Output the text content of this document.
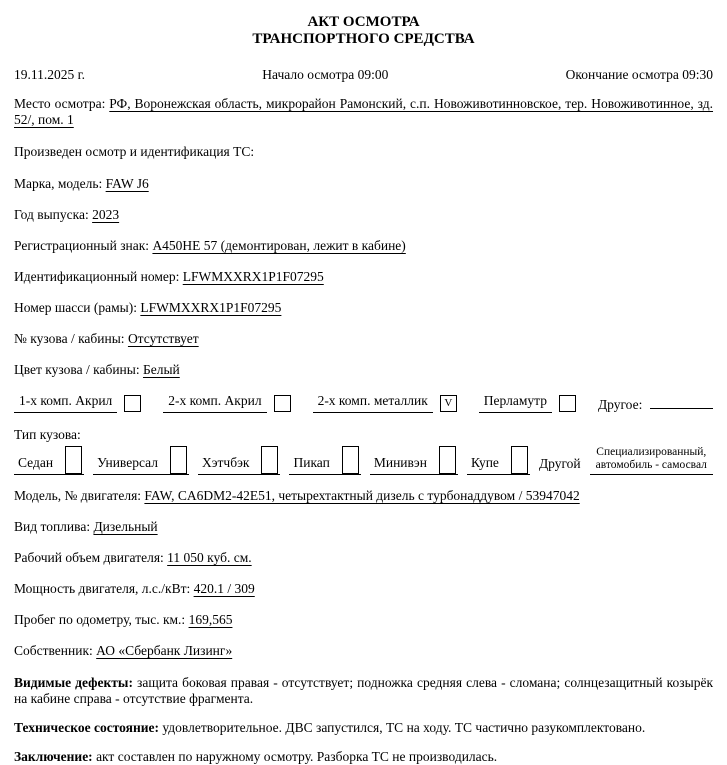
АКТ ОСМОТРА
ТРАНСПОРТНОГО СРЕДСТВА
19.11.2025 г.	Начало осмотра 09:00	Окончание осмотра 09:30

Место осмотра: РФ, Воронежская область, микрорайон Рамонский, с.п. Новоживотинновское, тер. Новоживотинное, зд. 52/, пом. 1

Произведен осмотр и идентификация ТС:

Марка, модель: FAW J6

Год выпуска: 2023

Регистрационный знак: А450НЕ 57 (демонтирован, лежит в кабине)

Идентификационный номер: LFWMXXRX1P1F07295

Номер шасси (рамы): LFWMXXRX1P1F07295

№ кузова / кабины: Отсутствует

Цвет кузова / кабины: Белый

1-х комп. Акрил	2-х комп. Акрил	2-х комп. металлик	V	Перламутр	Другое:

Тип кузова:

Седан	Универсал	Хэтчбэк	Пикап	Минивэн	Купе	Другой
Специализированный,
автомобиль - самосвал

Модель, № двигателя: FAW, CA6DM2-42E51, четырехтактный дизель с турбонаддувом / 53947042

Вид топлива: Дизельный

Рабочий объем двигателя: 11 050 куб. см.

Мощность двигателя, л.с./кВт: 420.1 / 309

Пробег по одометру, тыс. км.: 169,565

Собственник: АО «Сбербанк Лизинг»

Видимые дефекты: защита боковая правая - отсутствует; подножка средняя слева - сломана; солнцезащитный козырёк на кабине справа - отсутствие фрагмента.

Техническое состояние: удовлетворительное. ДВС запустился, ТС на ходу. ТС частично разукомплектовано.

Заключение: акт составлен по наружному осмотру. Разборка ТС не производилась.
